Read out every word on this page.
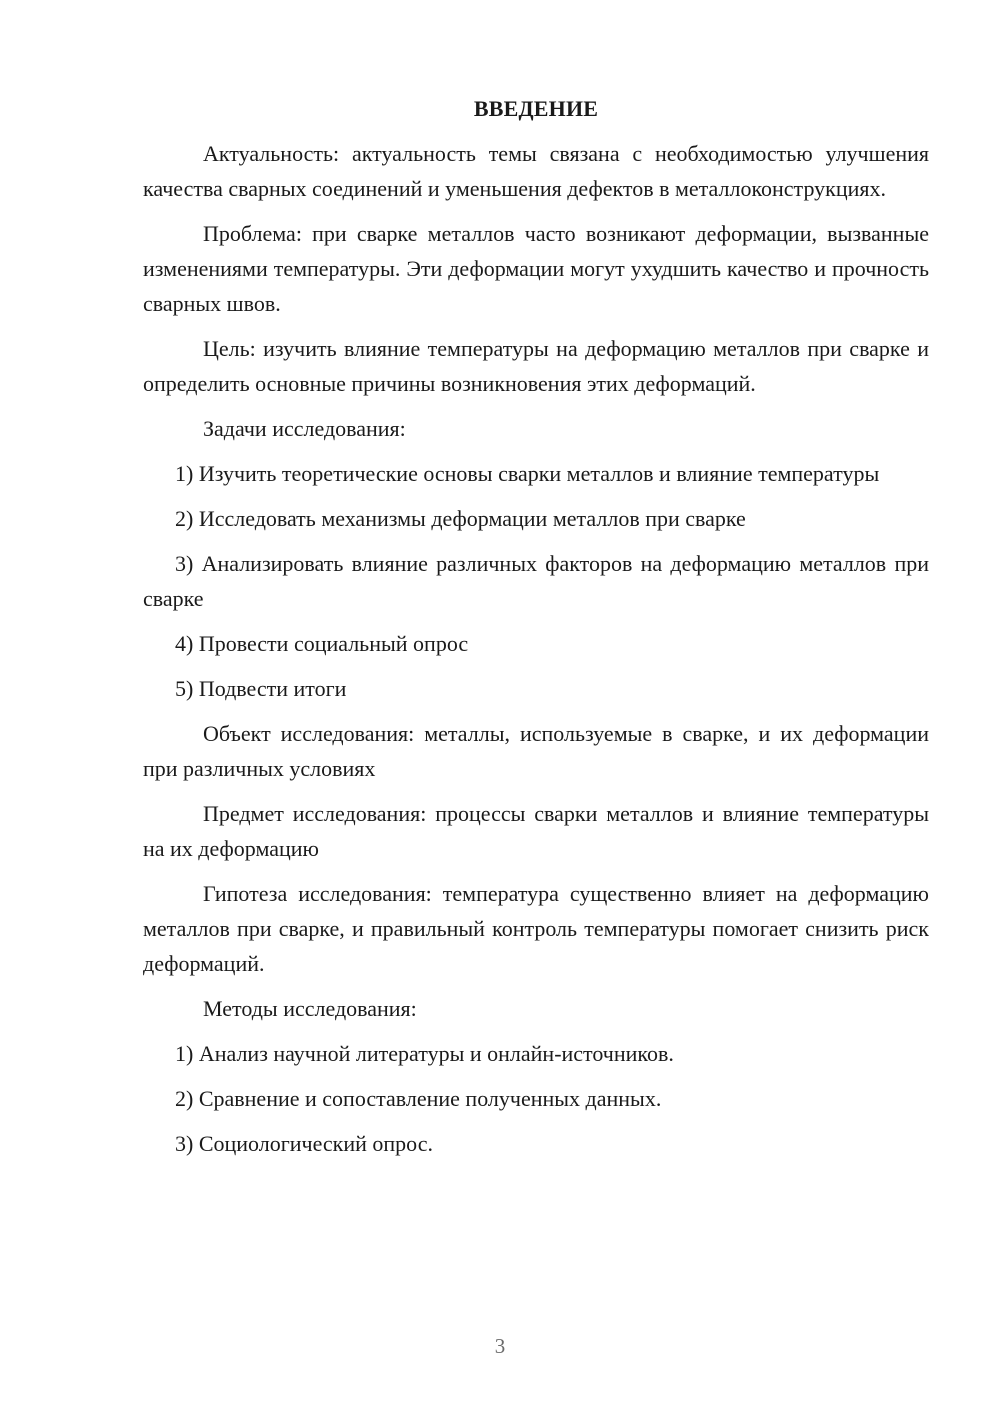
ВВЕДЕНИЕ

Актуальность: актуальность темы связана с необходимостью улучшения качества сварных соединений и уменьшения дефектов в металлоконструкциях.

Проблема: при сварке металлов часто возникают деформации, вызванные изменениями температуры. Эти деформации могут ухудшить качество и прочность сварных швов.

Цель: изучить влияние температуры на деформацию металлов при сварке и определить основные причины возникновения этих деформаций.

Задачи исследования:

1) Изучить теоретические основы сварки металлов и влияние температуры

2) Исследовать механизмы деформации металлов при сварке

3) Анализировать влияние различных факторов на деформацию металлов при сварке

4) Провести социальный опрос

5) Подвести итоги

Объект исследования: металлы, используемые в сварке, и их деформации при различных условиях

Предмет исследования: процессы сварки металлов и влияние температуры на их деформацию

Гипотеза исследования: температура существенно влияет на деформацию металлов при сварке, и правильный контроль температуры помогает снизить риск деформаций.

Методы исследования:

1) Анализ научной литературы и онлайн-источников.

2) Сравнение и сопоставление полученных данных.

3) Социологический опрос.

3
